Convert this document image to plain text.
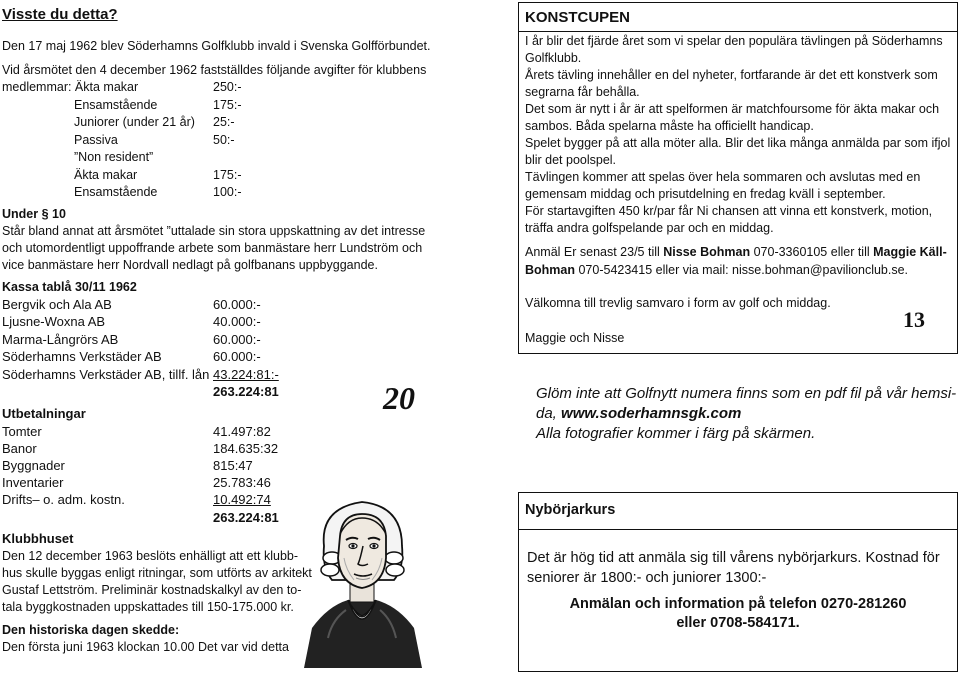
Visste du detta?
Den 17 maj 1962 blev Söderhamns Golfklubb invald i Svenska Golfförbundet.
Vid årsmötet den 4 december 1962 fastställdes följande avgifter för klubbens
medlemmar: Äkta makar	250:-
Ensamstående	175:-
Juniorer (under 21 år) 25:-
Passiva	50:-
”Non resident”
Äkta makar	175:-
Ensamstående	100:-
Under § 10
Står bland annat att årsmötet ”uttalade sin stora uppskattning av det intresse
och utomordentligt uppoffrande arbete som banmästare herr Lundström och
vice banmästare herr Nordvall nedlagt på golfbanans uppbyggande.
Kassa tablå 30/11 1962
Bergvik och Ala AB	60.000:-
Ljusne-Woxna AB	40.000:-
Marma-Långrörs AB	60.000:-
Söderhamns Verkstäder AB	60.000:-
Söderhamns Verkstäder AB, tillf. lån 43.224:81:-
263.224:81
Utbetalningar
Tomter	41.497:82
Banor	184.635:32
Byggnader	815:47
Inventarier	25.783:46
Drifts– o. adm. kostn.	10.492:74
263.224:81
Klubbhuset
Den 12 december 1963 beslöts enhälligt att ett klubb-
hus skulle byggas enligt ritningar, som utförts av arkitekt
Gustaf Lettström. Preliminär kostnadskalkyl av den to-
tala byggkostnaden uppskattades till 150-175.000 kr.
Den historiska dagen skedde:
Den första juni 1963 klockan 10.00 Det var vid detta
20
KONSTCUPEN
I år blir det fjärde året som vi spelar den populära tävlingen på Söderhamns
Golfklubb.
Årets tävling innehåller en del nyheter, fortfarande är det ett konstverk som
segrarna får behålla.
Det som är nytt i år är att spelformen är matchfoursome för äkta makar och
sambos. Båda spelarna måste ha officiellt handicap.
Spelet bygger på att alla möter alla. Blir det lika många anmälda par som ifjol
blir det poolspel.
Tävlingen kommer att spelas över hela sommaren och avslutas med en
gemensam middag och prisutdelning en fredag kväll i september.
För startavgiften 450 kr/par får Ni chansen att vinna ett konstverk, motion,
träffa andra golfspelande par och en middag.
Anmäl Er senast 23/5 till Nisse Bohman 070-3360105 eller till Maggie Käll-
Bohman 070-5423415 eller via mail: nisse.bohman@pavilionclub.se.
Välkomna till trevlig samvaro i form av golf och middag.
Maggie och Nisse
13
Glöm inte att Golfnytt numera finns som en pdf fil på vår hemsi-
da, www.soderhamnsgk.com
Alla fotografier kommer i färg på skärmen.
Nybörjarkurs
Det är hög tid att anmäla sig till vårens nybörjarkurs. Kostnad för
seniorer är 1800:- och juniorer 1300:-
Anmälan och information på telefon 0270-281260
eller 0708-584171.
